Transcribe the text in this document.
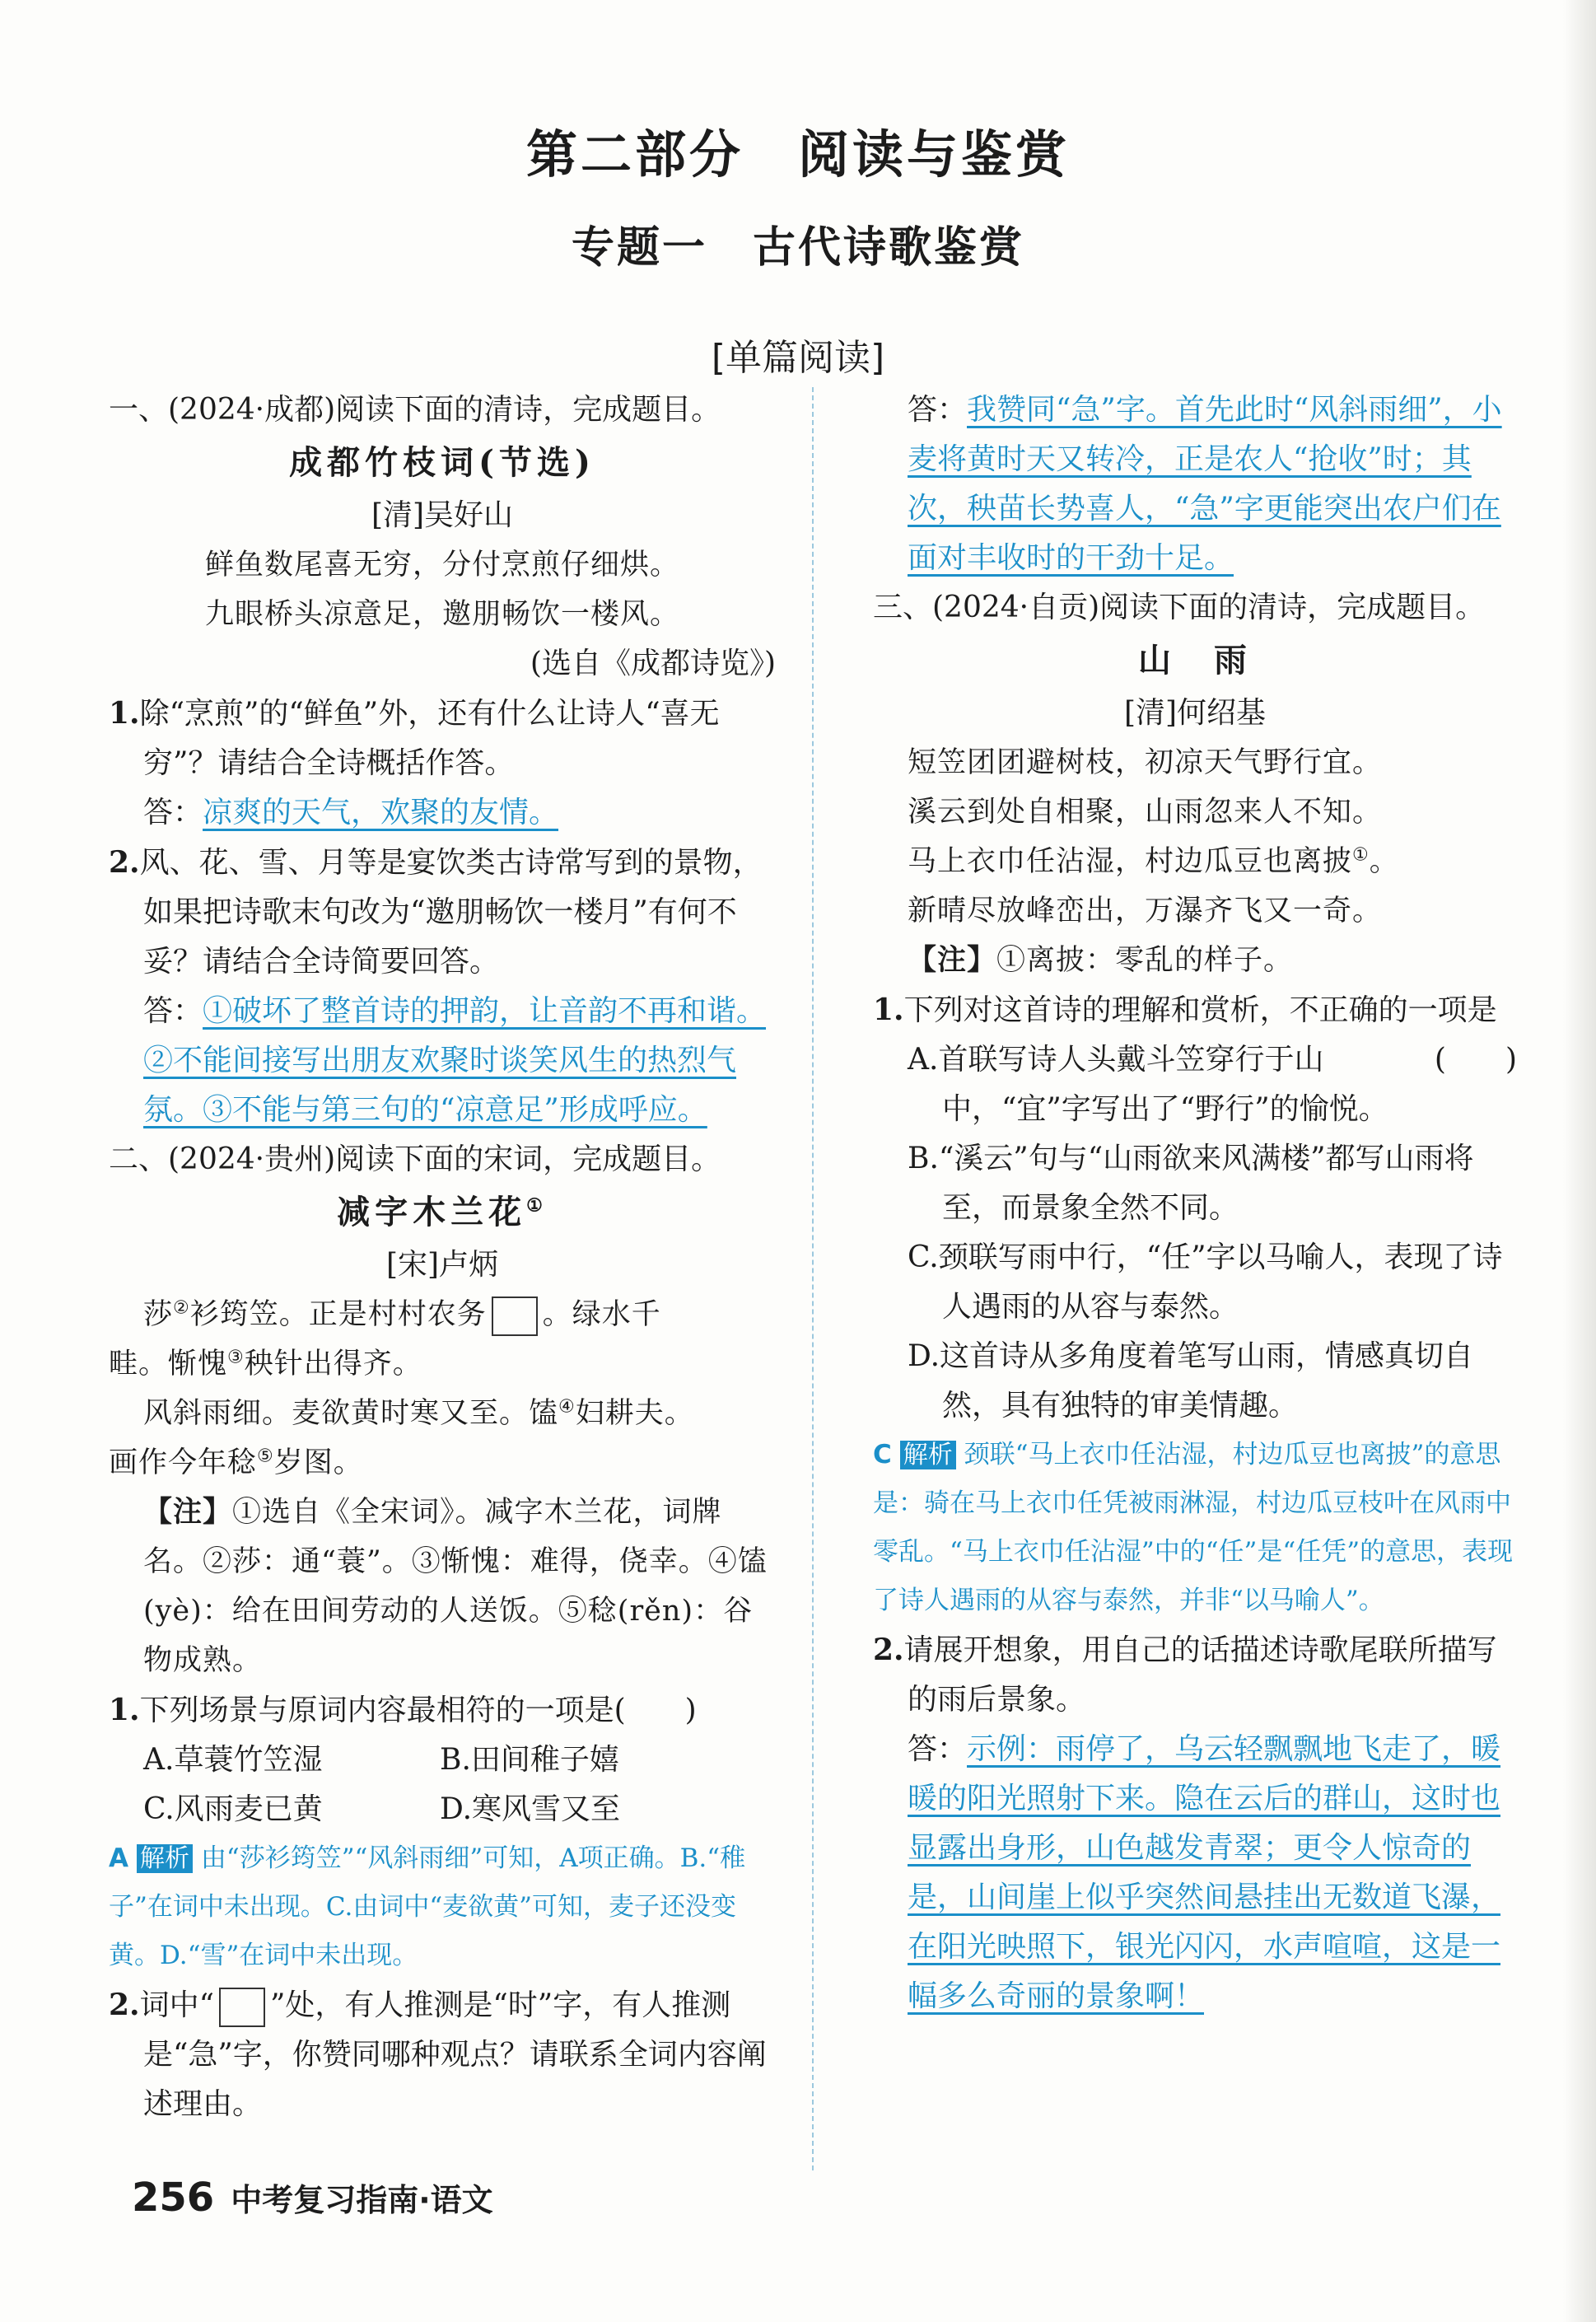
第二部分　阅读与鉴赏
专题一　古代诗歌鉴赏
[单篇阅读]

一、(2024·成都)阅读下面的清诗，完成题目。

成都竹枝词(节选)

[清]吴好山

鲜鱼数尾喜无穷，分付烹煎仔细烘。

九眼桥头凉意足，邀朋畅饮一楼风。

(选自《成都诗览》)

1.除“烹煎”的“鲜鱼”外，还有什么让诗人“喜无穷”？请结合全诗概括作答。

答：凉爽的天气，欢聚的友情。

2.风、花、雪、月等是宴饮类古诗常写到的景物，如果把诗歌末句改为“邀朋畅饮一楼月”有何不妥？请结合全诗简要回答。

答：①破坏了整首诗的押韵，让音韵不再和谐。②不能间接写出朋友欢聚时谈笑风生的热烈气氛。③不能与第三句的“凉意足”形成呼应。

二、(2024·贵州)阅读下面的宋词，完成题目。

减字木兰花①

[宋]卢炳

莎②衫筠笠。正是村村农务 。绿水千

畦。惭愧③秧针出得齐。

风斜雨细。麦欲黄时寒又至。馌④妇耕夫。

画作今年稔⑤岁图。

【注】①选自《全宋词》。减字木兰花，词牌名。②莎：通“蓑”。③惭愧：难得，侥幸。④馌(yè)：给在田间劳动的人送饭。⑤稔(rěn)：谷物成熟。

1.下列场景与原词内容最相符的一项是(　　)

A.草蓑竹笠湿	B.田间稚子嬉
C.风雨麦已黄	D.寒风雪又至

A 解析 由“莎衫筠笠”“风斜雨细”可知，A项正确。B.“稚子”在词中未出现。C.由词中“麦欲黄”可知，麦子还没变黄。D.“雪”在词中未出现。

2.词中“ ”处，有人推测是“时”字，有人推测是“急”字，你赞同哪种观点？请联系全词内容阐述理由。

答：我赞同“急”字。首先此时“风斜雨细”，小麦将黄时天又转冷，正是农人“抢收”时；其次，秧苗长势喜人，“急”字更能突出农户们在面对丰收时的干劲十足。

三、(2024·自贡)阅读下面的清诗，完成题目。

山　雨

[清]何绍基

短笠团团避树枝，初凉天气野行宜。

溪云到处自相聚，山雨忽来人不知。

马上衣巾任沾湿，村边瓜豆也离披①。

新晴尽放峰峦出，万瀑齐飞又一奇。

【注】①离披：零乱的样子。

1.下列对这首诗的理解和赏析，不正确的一项是
(　　)

A.首联写诗人头戴斗笠穿行于山中，“宜”字写出了“野行”的愉悦。

B.“溪云”句与“山雨欲来风满楼”都写山雨将至，而景象全然不同。

C.颈联写雨中行，“任”字以马喻人，表现了诗人遇雨的从容与泰然。

D.这首诗从多角度着笔写山雨，情感真切自然，具有独特的审美情趣。

C 解析 颈联“马上衣巾任沾湿，村边瓜豆也离披”的意思是：骑在马上衣巾任凭被雨淋湿，村边瓜豆枝叶在风雨中零乱。“马上衣巾任沾湿”中的“任”是“任凭”的意思，表现了诗人遇雨的从容与泰然，并非“以马喻人”。

2.请展开想象，用自己的话描述诗歌尾联所描写的雨后景象。

答：示例：雨停了，乌云轻飘飘地飞走了，暖暖的阳光照射下来。隐在云后的群山，这时也显露出身形，山色越发青翠；更令人惊奇的是，山间崖上似乎突然间悬挂出无数道飞瀑，在阳光映照下，银光闪闪，水声喧喧，这是一幅多么奇丽的景象啊！

256 中考复习指南·语文
